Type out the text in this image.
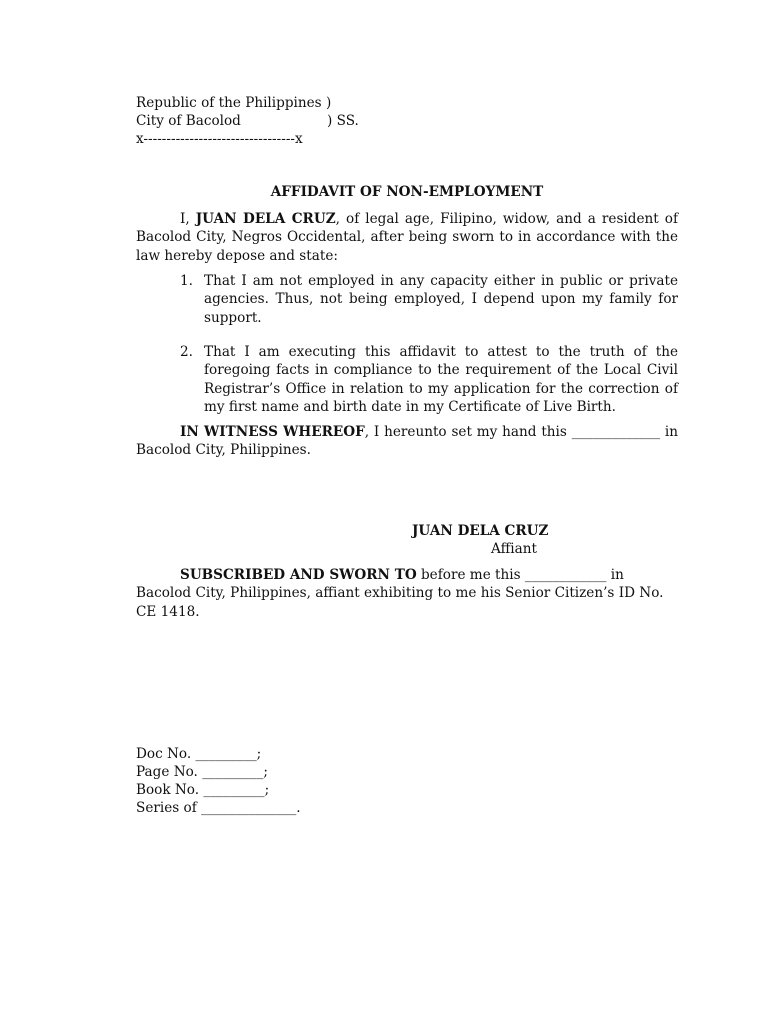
Republic of the Philippines )
City of Bacolod	) SS.
x---------------------------------x
AFFIDAVIT OF NON-EMPLOYMENT
I, JUAN DELA CRUZ, of legal age, Filipino, widow, and a resident of Bacolod City, Negros Occidental, after being sworn to in accordance with the law hereby depose and state:
1. That I am not employed in any capacity either in public or private agencies. Thus, not being employed, I depend upon my family for support.
2. That I am executing this affidavit to attest to the truth of the foregoing facts in compliance to the requirement of the Local Civil Registrar’s Office in relation to my application for the correction of my first name and birth date in my Certificate of Live Birth.
IN WITNESS WHEREOF, I hereunto set my hand this _____________ in Bacolod City, Philippines.
JUAN DELA CRUZ
Affiant
SUBSCRIBED AND SWORN TO before me this ____________ in Bacolod City, Philippines, affiant exhibiting to me his Senior Citizen’s ID No. CE 1418.
Doc No. _________;
Page No. _________;
Book No. _________;
Series of ______________.
